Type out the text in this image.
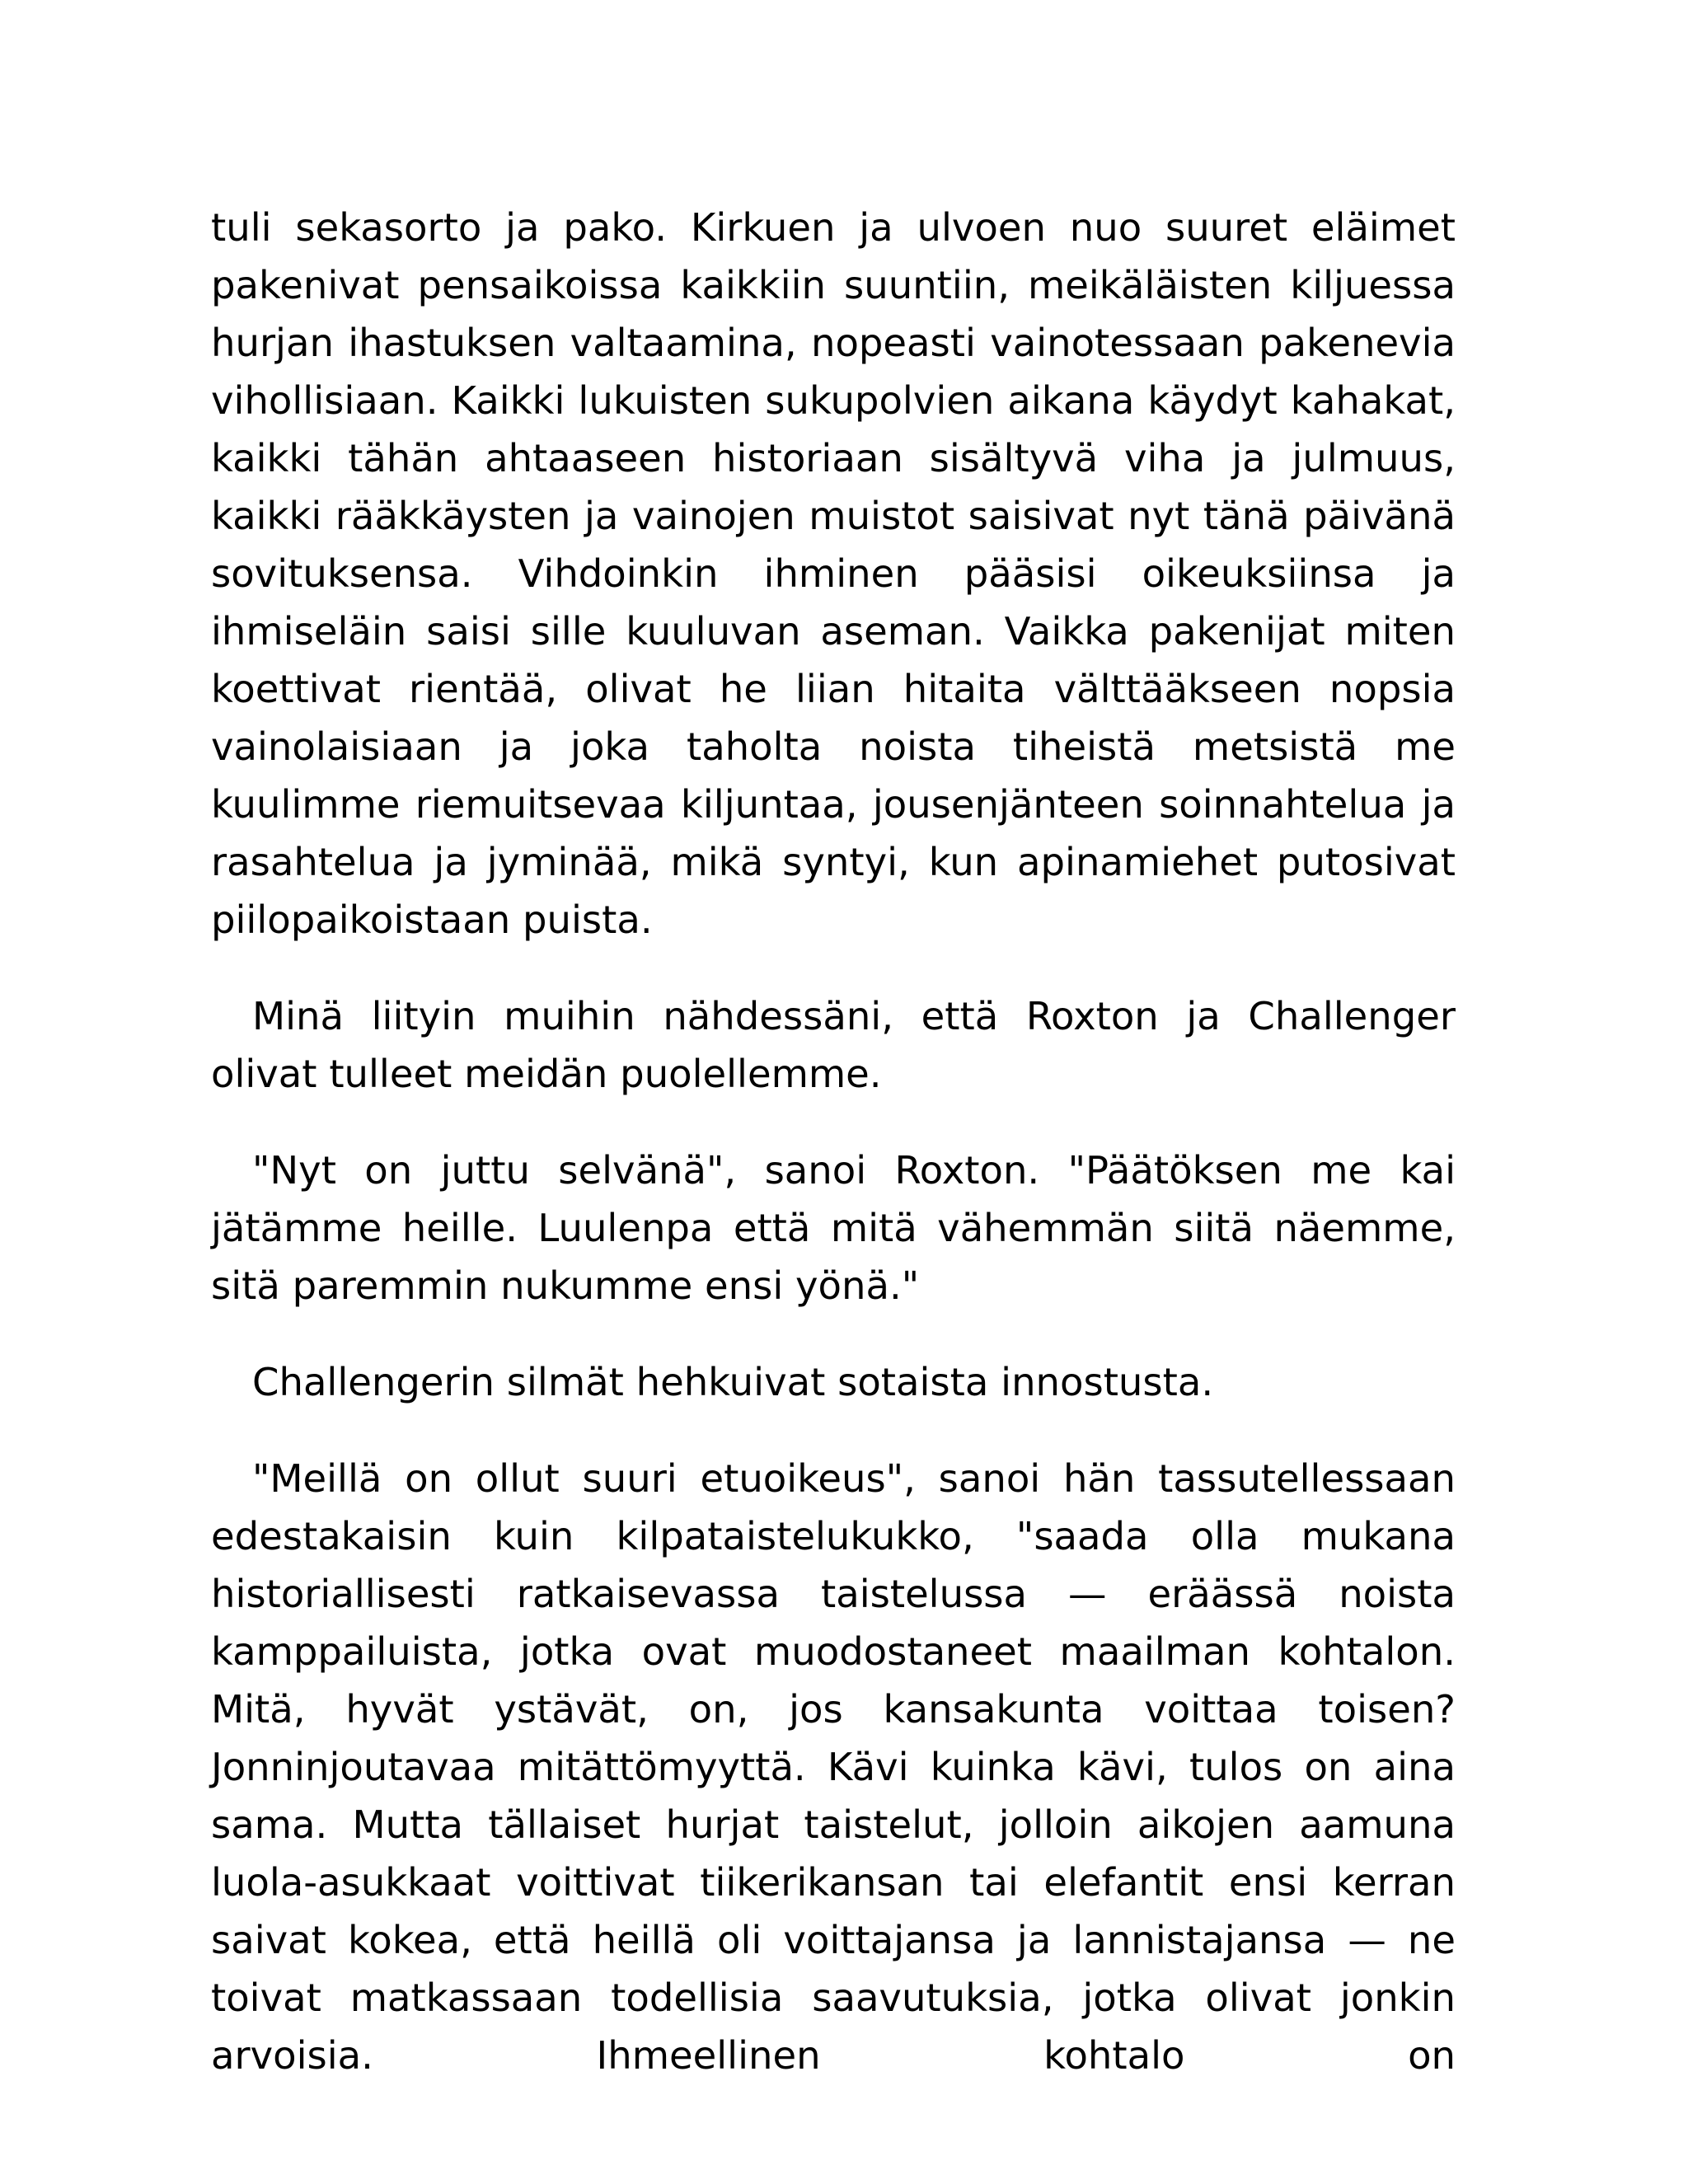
tuli sekasorto ja pako. Kirkuen ja ulvoen nuo suuret eläimet pakenivat pensaikoissa kaikkiin suuntiin, meikäläisten kiljuessa hurjan ihastuksen valtaamina, nopeasti vainotessaan pakenevia vihollisiaan. Kaikki lukuisten sukupolvien aikana käydyt kahakat, kaikki tähän ahtaaseen historiaan sisältyvä viha ja julmuus, kaikki rääkkäysten ja vainojen muistot saisivat nyt tänä päivänä sovituksensa. Vihdoinkin ihminen pääsisi oikeuksiinsa ja ihmiseläin saisi sille kuuluvan aseman. Vaikka pakenijat miten koettivat rientää, olivat he liian hitaita välttääkseen nopsia vainolaisiaan ja joka taholta noista tiheistä metsistä me kuulimme riemuitsevaa kiljuntaa, jousenjänteen soinnahtelua ja rasahtelua ja jyminää, mikä syntyi, kun apinamiehet putosivat piilopaikoistaan puista.

Minä liityin muihin nähdessäni, että Roxton ja Challenger olivat tulleet meidän puolellemme.

"Nyt on juttu selvänä", sanoi Roxton. "Päätöksen me kai jätämme heille. Luulenpa että mitä vähemmän siitä näemme, sitä paremmin nukumme ensi yönä."

Challengerin silmät hehkuivat sotaista innostusta.

"Meillä on ollut suuri etuoikeus", sanoi hän tassutellessaan edestakaisin kuin kilpataistelukukko, "saada olla mukana historiallisesti ratkaisevassa taistelussa — eräässä noista kamppailuista, jotka ovat muodostaneet maailman kohtalon. Mitä, hyvät ystävät, on, jos kansakunta voittaa toisen? Jonninjoutavaa mitättömyyttä. Kävi kuinka kävi, tulos on aina sama. Mutta tällaiset hurjat taistelut, jolloin aikojen aamuna luola-asukkaat voittivat tiikerikansan tai elefantit ensi kerran saivat kokea, että heillä oli voittajansa ja lannistajansa — ne toivat matkassaan todellisia saavutuksia, jotka olivat jonkin arvoisia. Ihmeellinen kohtalo on
